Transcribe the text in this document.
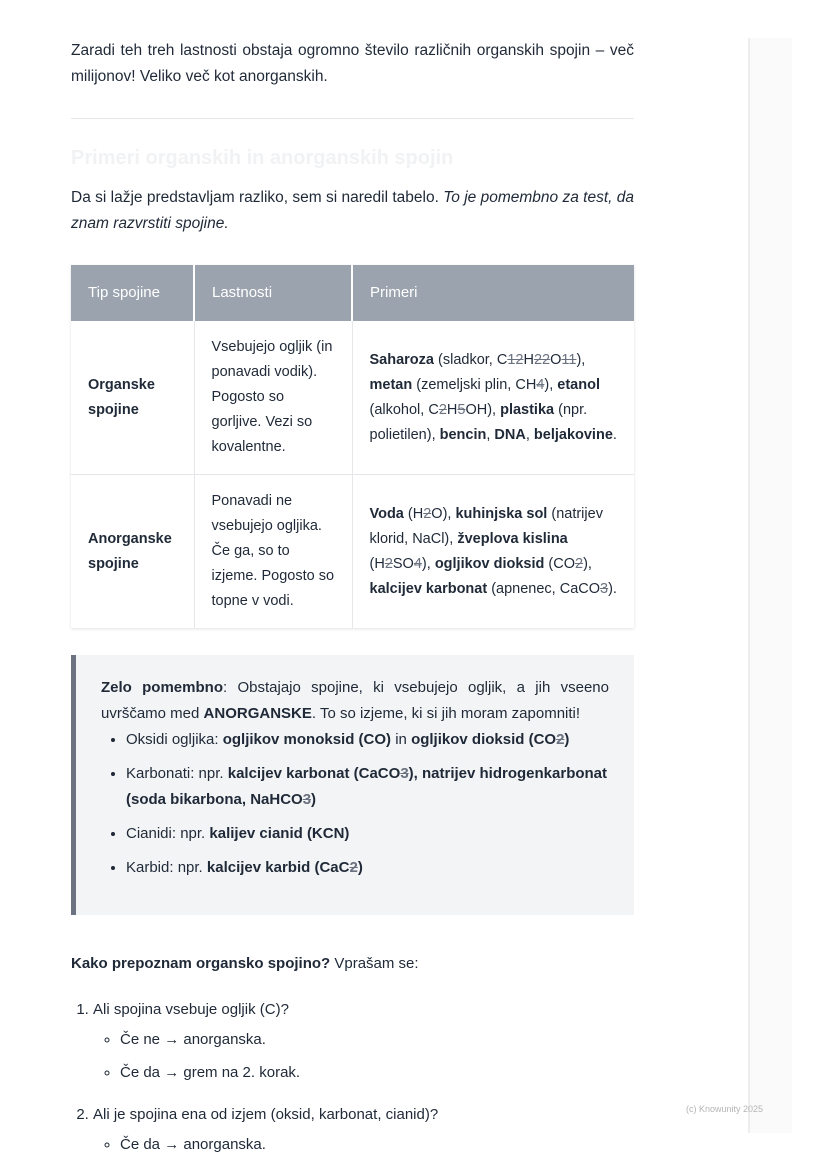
Zaradi teh treh lastnosti obstaja ogromno število različnih organskih spojin – več milijonov! Veliko več kot anorganskih.

Primeri organskih in anorganskih spojin

Da si lažje predstavljam razliko, sem si naredil tabelo. To je pomembno za test, da znam razvrstiti spojine.

Tip spojine	Lastnosti	Primeri
Organske spojine	Vsebujejo ogljik (in ponavadi vodik). Pogosto so gorljive. Vezi so kovalentne.	Saharoza (sladkor, C12H22O11), metan (zemeljski plin, CH4), etanol (alkohol, C2H5OH), plastika (npr. polietilen), bencin, DNA, beljakovine.
Anorganske spojine	Ponavadi ne vsebujejo ogljika. Če ga, so to izjeme. Pogosto so topne v vodi.	Voda (H2O), kuhinjska sol (natrijev klorid, NaCl), žveplova kislina (H2SO4), ogljikov dioksid (CO2), kalcijev karbonat (apnenec, CaCO3).

Zelo pomembno: Obstajajo spojine, ki vsebujejo ogljik, a jih vseeno uvrščamo med ANORGANSKE. To so izjeme, ki si jih moram zapomniti!

• Oksidi ogljika: ogljikov monoksid (CO) in ogljikov dioksid (CO2)
• Karbonati: npr. kalcijev karbonat (CaCO3), natrijev hidrogenkarbonat (soda bikarbona, NaHCO3)
• Cianidi: npr. kalijev cianid (KCN)
• Karbid: npr. kalcijev karbid (CaC2)

Kako prepoznam organsko spojino? Vprašam se:

1. Ali spojina vsebuje ogljik (C)?
◦ Če ne → anorganska.
◦ Če da → grem na 2. korak.
2. Ali je spojina ena od izjem (oksid, karbonat, cianid)?
◦ Če da → anorganska.
(c) Knowunity 2025
